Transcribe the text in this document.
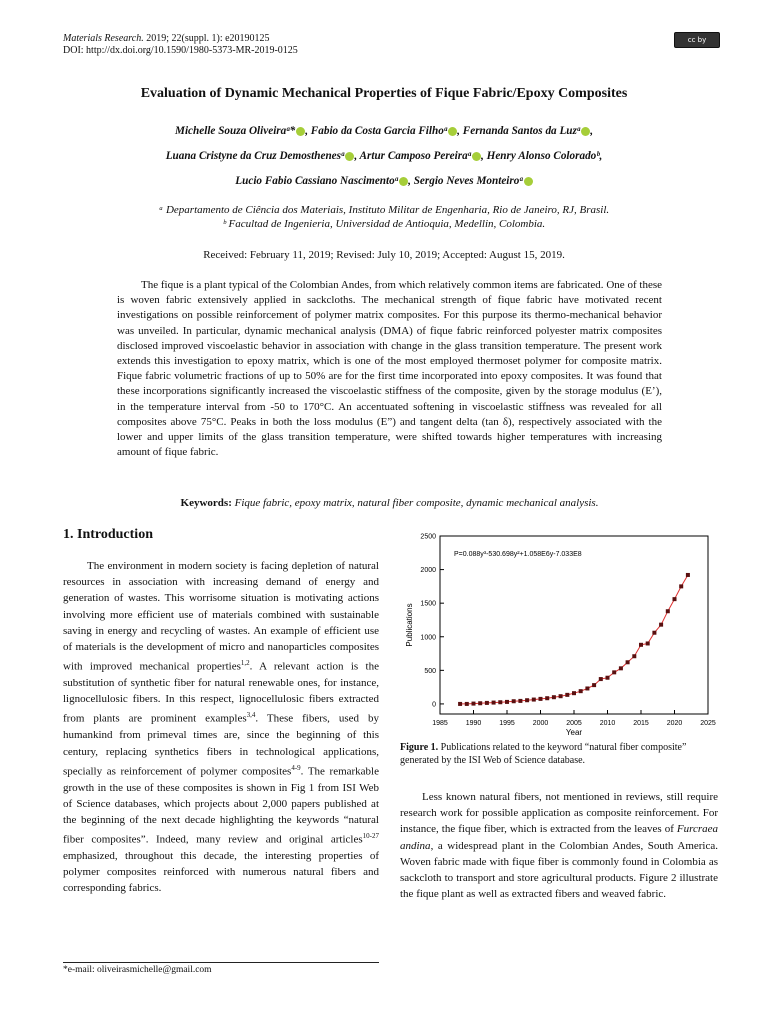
Materials Research. 2019; 22(suppl. 1): e20190125
DOI: http://dx.doi.org/10.1590/1980-5373-MR-2019-0125
cc by
Evaluation of Dynamic Mechanical Properties of Fique Fabric/Epoxy Composites
Michelle Souza Oliveiraᵃ* , Fabio da Costa Garcia Filhoᵃ , Fernanda Santos da Luzᵃ ,
Luana Cristyne da Cruz Demosthenesᵃ , Artur Camposo Pereiraᵃ , Henry Alonso Coloradoᵇ,
Lucio Fabio Cassiano Nascimentoᵃ , Sergio Neves Monteiroᵃ
ᵃ Departamento de Ciência dos Materiais, Instituto Militar de Engenharia, Rio de Janeiro, RJ, Brasil.
ᵇ Facultad de Ingenieria, Universidad de Antioquia, Medellin, Colombia.
Received: February 11, 2019; Revised: July 10, 2019; Accepted: August 15, 2019.
The fique is a plant typical of the Colombian Andes, from which relatively common items are fabricated. One of these is woven fabric extensively applied in sackcloths. The mechanical strength of fique fabric have motivated recent investigations on possible reinforcement of polymer matrix composites. For this purpose its thermo-mechanical behavior was unveiled. In particular, dynamic mechanical analysis (DMA) of fique fabric reinforced polyester matrix composites disclosed improved viscoelastic behavior in association with change in the glass transition temperature. The present work extends this investigation to epoxy matrix, which is one of the most employed thermoset polymer for composite matrix. Fique fabric volumetric fractions of up to 50% are for the first time incorporated into epoxy composites. It was found that these incorporations significantly increased the viscoelastic stiffness of the composite, given by the storage modulus (E’), in the temperature interval from -50 to 170°C. An accentuated softening in viscoelastic stiffness was revealed for all composites above 75°C. Peaks in both the loss modulus (E”) and tangent delta (tan δ), respectively associated with the lower and upper limits of the glass transition temperature, were shifted towards higher temperatures with increasing amount of fique fabric.
Keywords: Fique fabric, epoxy matrix, natural fiber composite, dynamic mechanical analysis.
1. Introduction
The environment in modern society is facing depletion of natural resources in association with increasing demand of energy and generation of wastes. This worrisome situation is motivating actions involving more efficient use of materials combined with sustainable saving in energy and recycling of wastes. An example of efficient use of materials is the development of micro and nanoparticles composites with improved mechanical properties$^{1,2}$. A relevant action is the substitution of synthetic fiber for natural renewable ones, for instance, lignocellulosic fibers. In this respect, lignocellulosic fibers extracted from plants are prominent examples$^{3,4}$. These fibers, used by humankind from primeval times are, since the beginning of this century, replacing synthetics fibers in technological applications, specially as reinforcement of polymer composites$^{4-9}$. The remarkable growth in the use of these composites is shown in Fig 1 from ISI Web of Science databases, which projects about 2,000 papers published at the beginning of the next decade highlighting the keywords “natural fiber composites”. Indeed, many review and original articles$^{10-27}$ emphasized, throughout this decade, the interesting properties of polymer composites reinforced with numerous natural fibers and corresponding fabrics.
1985	1990	1995	2000	2005	2010	2015	2020	2025
0
500
1000
1500
2000
2500
Year
Publications
P=0.088y³-530.698y²+1.058E6y-7.033E8
Figure 1. Publications related to the keyword “natural fiber composite” generated by the ISI Web of Science database.
Less known natural fibers, not mentioned in reviews, still require research work for possible application as composite reinforcement. For instance, the fique fiber, which is extracted from the leaves of Furcraea andina, a widespread plant in the Colombian Andes, South America. Woven fabric made with fique fiber is commonly found in Colombia as sackcloth to transport and store agricultural products. Figure 2 illustrate the fique plant as well as extracted fibers and weaved fabric.
*e-mail: oliveirasmichelle@gmail.com
